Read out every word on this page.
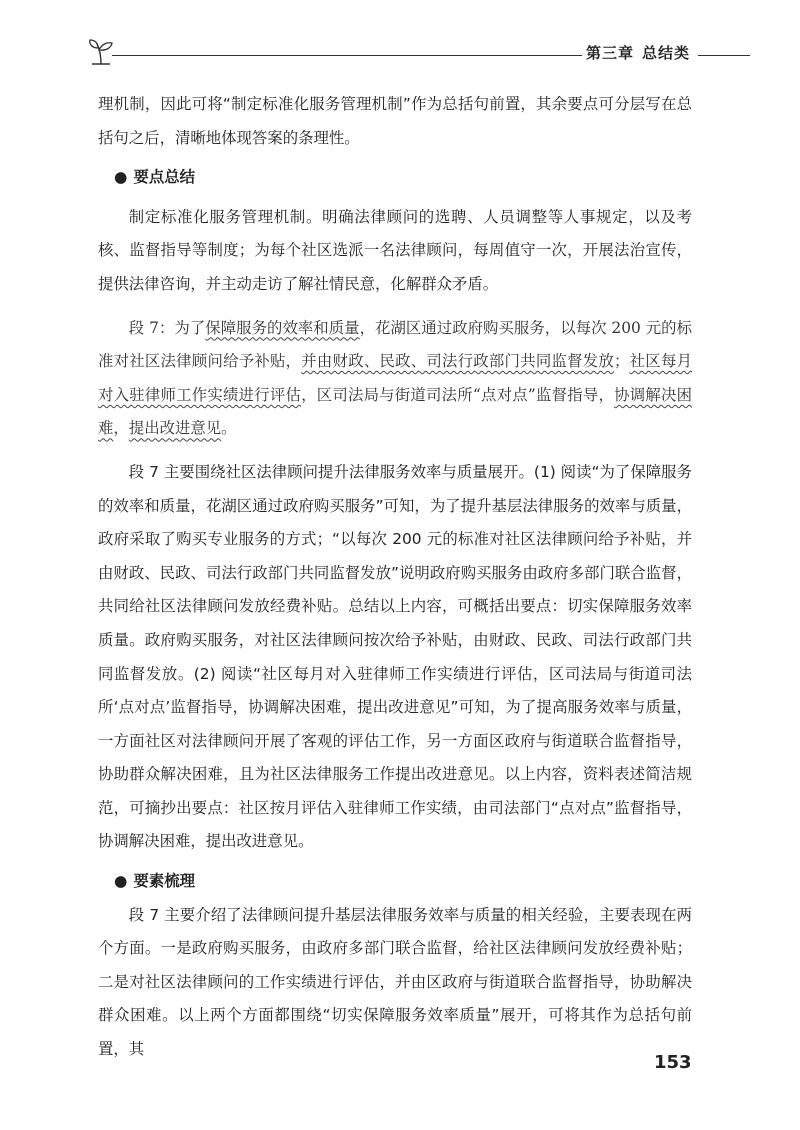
第三章 总结类

理机制，因此可将“制定标准化服务管理机制”作为总括句前置，其余要点可分层写在总括句之后，清晰地体现答案的条理性。

● 要点总结

制定标准化服务管理机制。明确法律顾问的选聘、人员调整等人事规定，以及考核、监督指导等制度；为每个社区选派一名法律顾问，每周值守一次，开展法治宣传，提供法律咨询，并主动走访了解社情民意，化解群众矛盾。

段 7：为了保障服务的效率和质量，花湖区通过政府购买服务，以每次 200 元的标准对社区法律顾问给予补贴，并由财政、民政、司法行政部门共同监督发放；社区每月对入驻律师工作实绩进行评估，区司法局与街道司法所“点对点”监督指导，协调解决困难，提出改进意见。

段 7 主要围绕社区法律顾问提升法律服务效率与质量展开。(1) 阅读“为了保障服务的效率和质量，花湖区通过政府购买服务”可知，为了提升基层法律服务的效率与质量，政府采取了购买专业服务的方式；“以每次 200 元的标准对社区法律顾问给予补贴，并由财政、民政、司法行政部门共同监督发放”说明政府购买服务由政府多部门联合监督，共同给社区法律顾问发放经费补贴。总结以上内容，可概括出要点：切实保障服务效率质量。政府购买服务，对社区法律顾问按次给予补贴，由财政、民政、司法行政部门共同监督发放。(2) 阅读“社区每月对入驻律师工作实绩进行评估，区司法局与街道司法所‘点对点’监督指导，协调解决困难，提出改进意见”可知，为了提高服务效率与质量，一方面社区对法律顾问开展了客观的评估工作，另一方面区政府与街道联合监督指导，协助群众解决困难，且为社区法律服务工作提出改进意见。以上内容，资料表述简洁规范，可摘抄出要点：社区按月评估入驻律师工作实绩，由司法部门“点对点”监督指导，协调解决困难，提出改进意见。

● 要素梳理

段 7 主要介绍了法律顾问提升基层法律服务效率与质量的相关经验，主要表现在两个方面。一是政府购买服务，由政府多部门联合监督，给社区法律顾问发放经费补贴；二是对社区法律顾问的工作实绩进行评估，并由区政府与街道联合监督指导，协助解决群众困难。以上两个方面都围绕“切实保障服务效率质量”展开，可将其作为总括句前置，其

153
